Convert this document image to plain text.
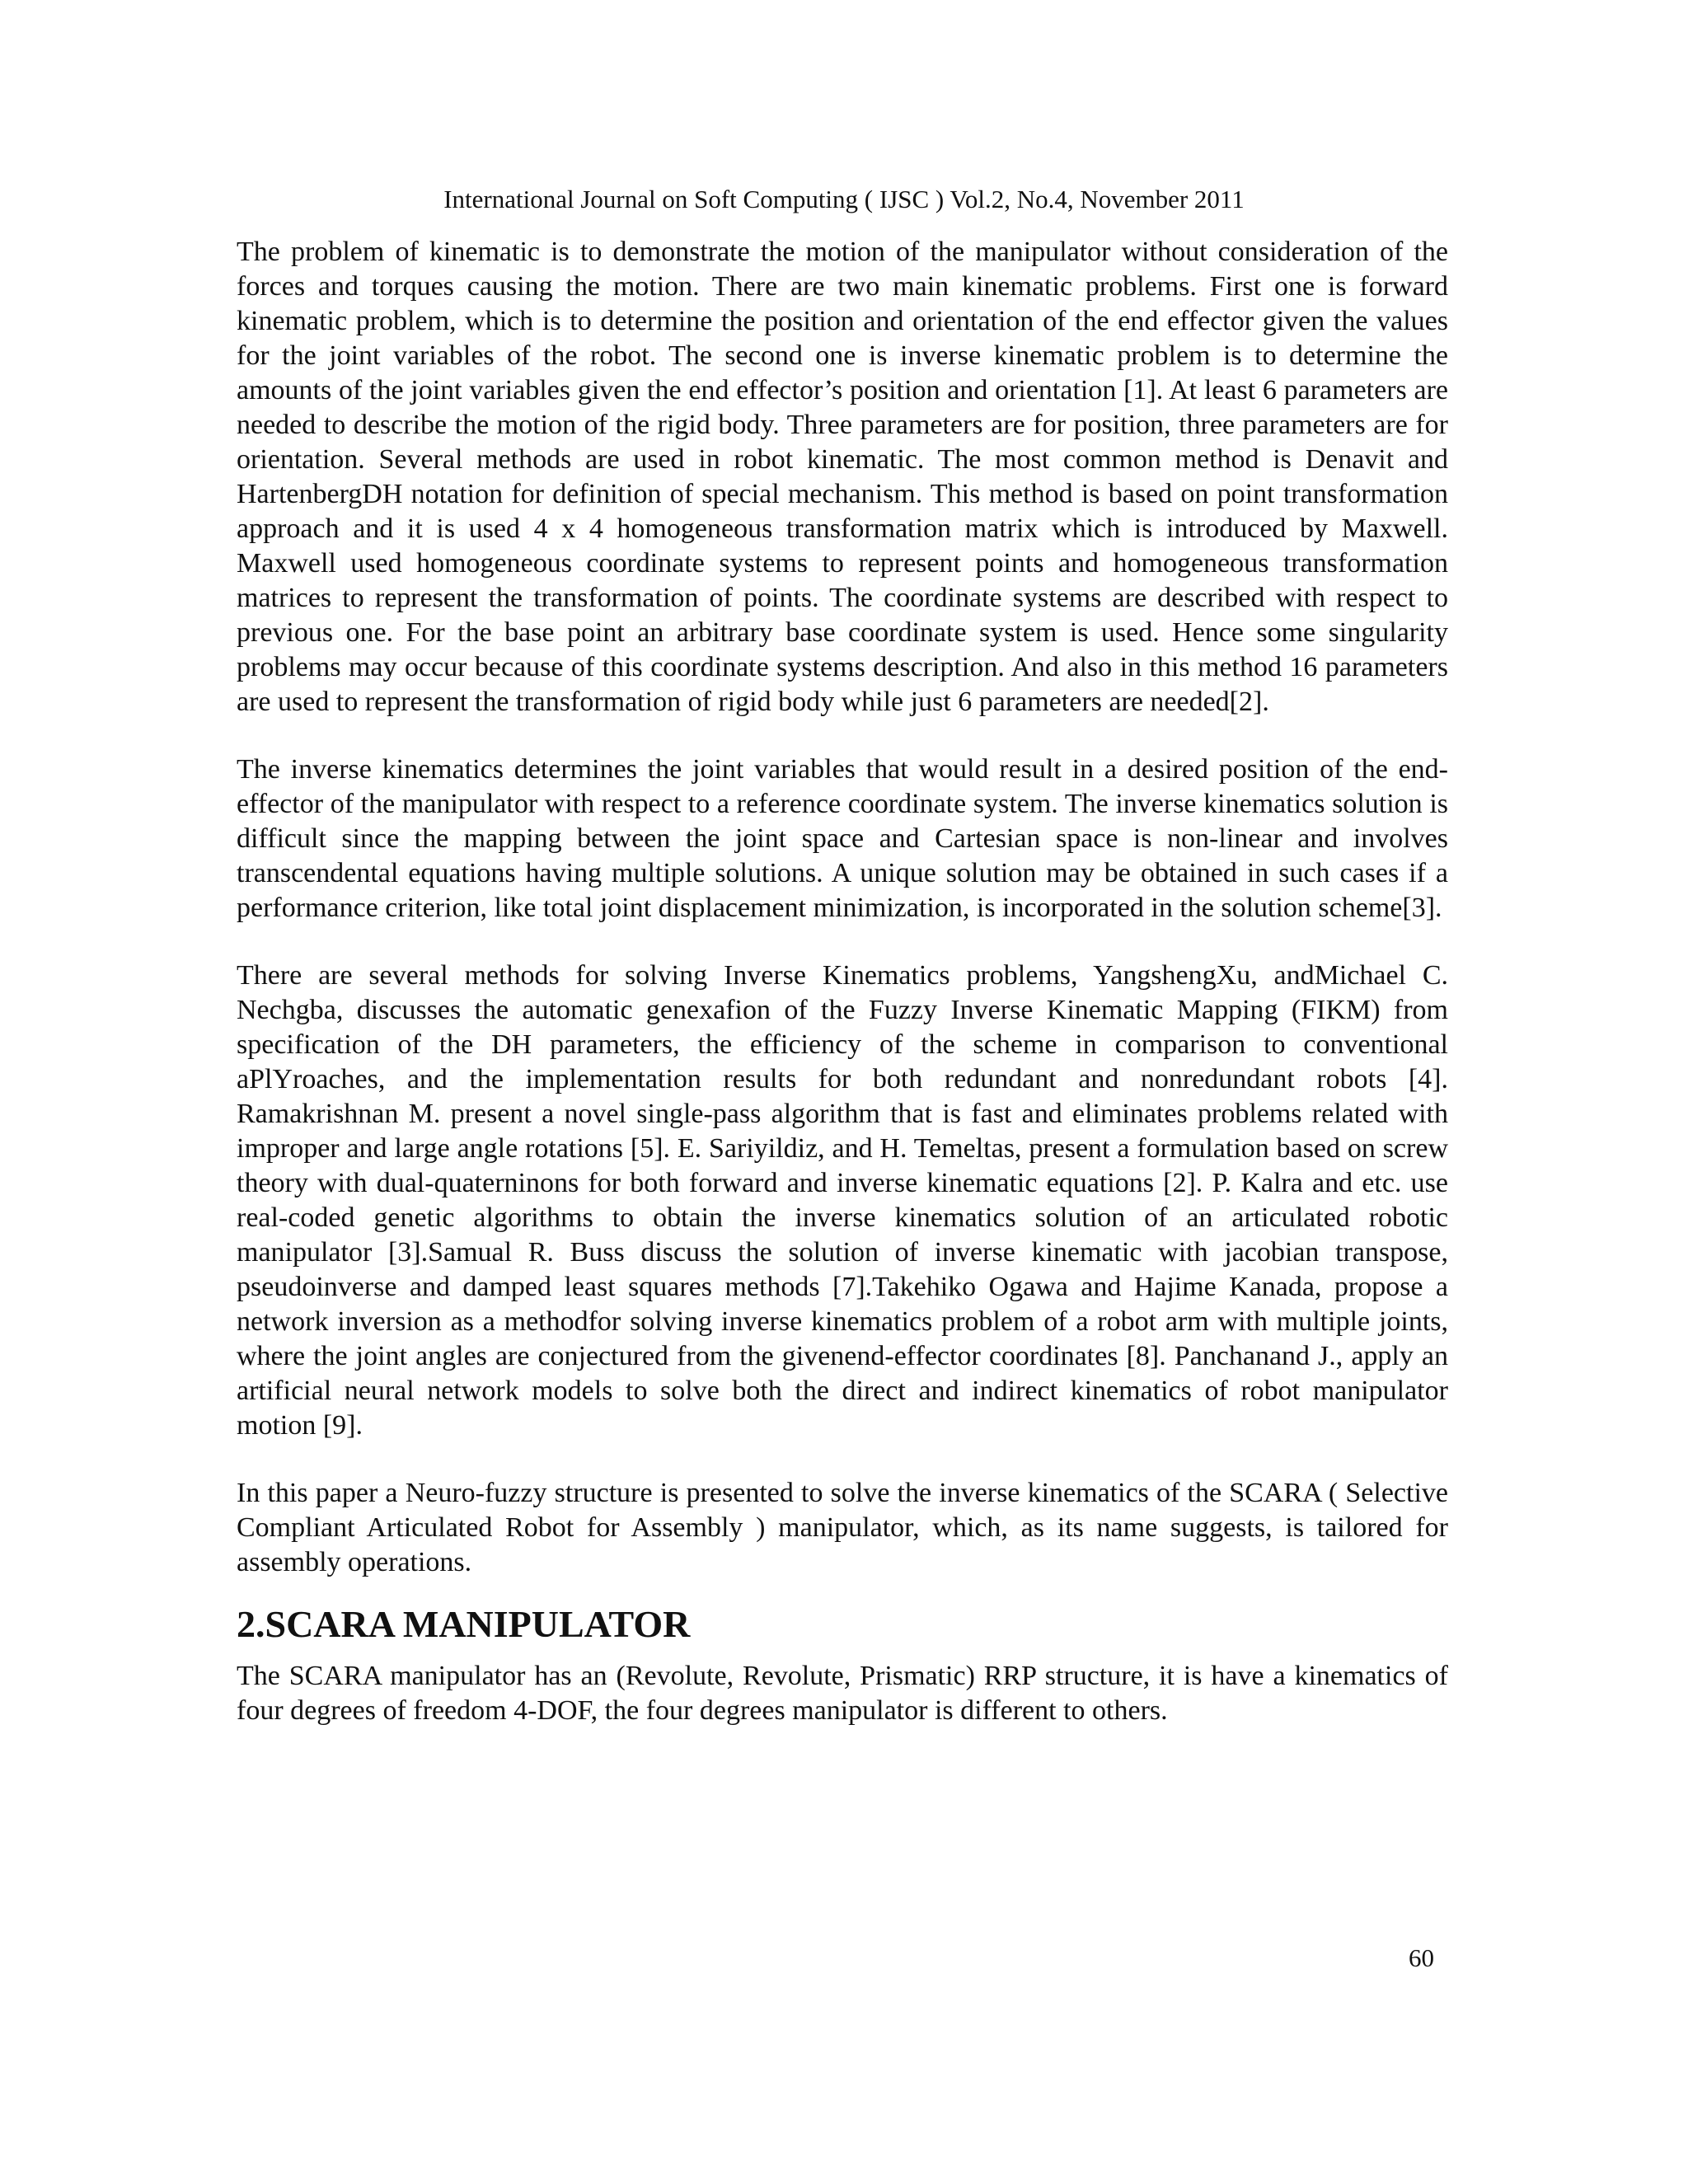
International Journal on Soft Computing ( IJSC ) Vol.2, No.4, November 2011

The problem of kinematic is to demonstrate the motion of the manipulator without consideration of the forces and torques causing the motion. There are two main kinematic problems. First one is forward kinematic problem, which is to determine the position and orientation of the end effector given the values for the joint variables of the robot. The second one is inverse kinematic problem is to determine the amounts of the joint variables given the end effector’s position and orientation [1]. At least 6 parameters are needed to describe the motion of the rigid body. Three parameters are for position, three parameters are for orientation. Several methods are used in robot kinematic. The most common method is Denavit and HartenbergDH notation for definition of special mechanism. This method is based on point transformation approach and it is used 4 x 4 homogeneous transformation matrix which is introduced by Maxwell. Maxwell used homogeneous coordinate systems to represent points and homogeneous transformation matrices to represent the transformation of points. The coordinate systems are described with respect to previous one. For the base point an arbitrary base coordinate system is used. Hence some singularity problems may occur because of this coordinate systems description. And also in this method 16 parameters are used to represent the transformation of rigid body while just 6 parameters are needed[2].

The inverse kinematics determines the joint variables that would result in a desired position of the end-effector of the manipulator with respect to a reference coordinate system. The inverse kinematics solution is difficult since the mapping between the joint space and Cartesian space is non-linear and involves transcendental equations having multiple solutions. A unique solution may be obtained in such cases if a performance criterion, like total joint displacement minimization, is incorporated in the solution scheme[3].

There are several methods for solving Inverse Kinematics problems, YangshengXu, andMichael C. Nechgba, discusses the automatic genexafion of the Fuzzy Inverse Kinematic Mapping (FIKM) from specification of the DH parameters, the efficiency of the scheme in comparison to conventional aPlYroaches, and the implementation results for both redundant and nonredundant robots [4]. Ramakrishnan M. present a novel single-pass algorithm that is fast and eliminates problems related with improper and large angle rotations [5]. E. Sariyildiz, and H. Temeltas, present a formulation based on screw theory with dual-quaterninons for both forward and inverse kinematic equations [2]. P. Kalra and etc. use real-coded genetic algorithms to obtain the inverse kinematics solution of an articulated robotic manipulator [3].Samual R. Buss discuss the solution of inverse kinematic with jacobian transpose, pseudoinverse and damped least squares methods [7].Takehiko Ogawa and Hajime Kanada, propose a network inversion as a methodfor solving inverse kinematics problem of a robot arm with multiple joints, where the joint angles are conjectured from the givenend-effector coordinates [8]. Panchanand J., apply an artificial neural network models to solve both the direct and indirect kinematics of robot manipulator motion [9].

In this paper a Neuro-fuzzy structure is presented to solve the inverse kinematics of the SCARA ( Selective Compliant Articulated Robot for Assembly ) manipulator, which, as its name suggests, is tailored for assembly operations.

2.SCARA MANIPULATOR

The SCARA manipulator has an (Revolute, Revolute, Prismatic) RRP structure, it is have a kinematics of four degrees of freedom 4-DOF, the four degrees manipulator is different to others.

60
